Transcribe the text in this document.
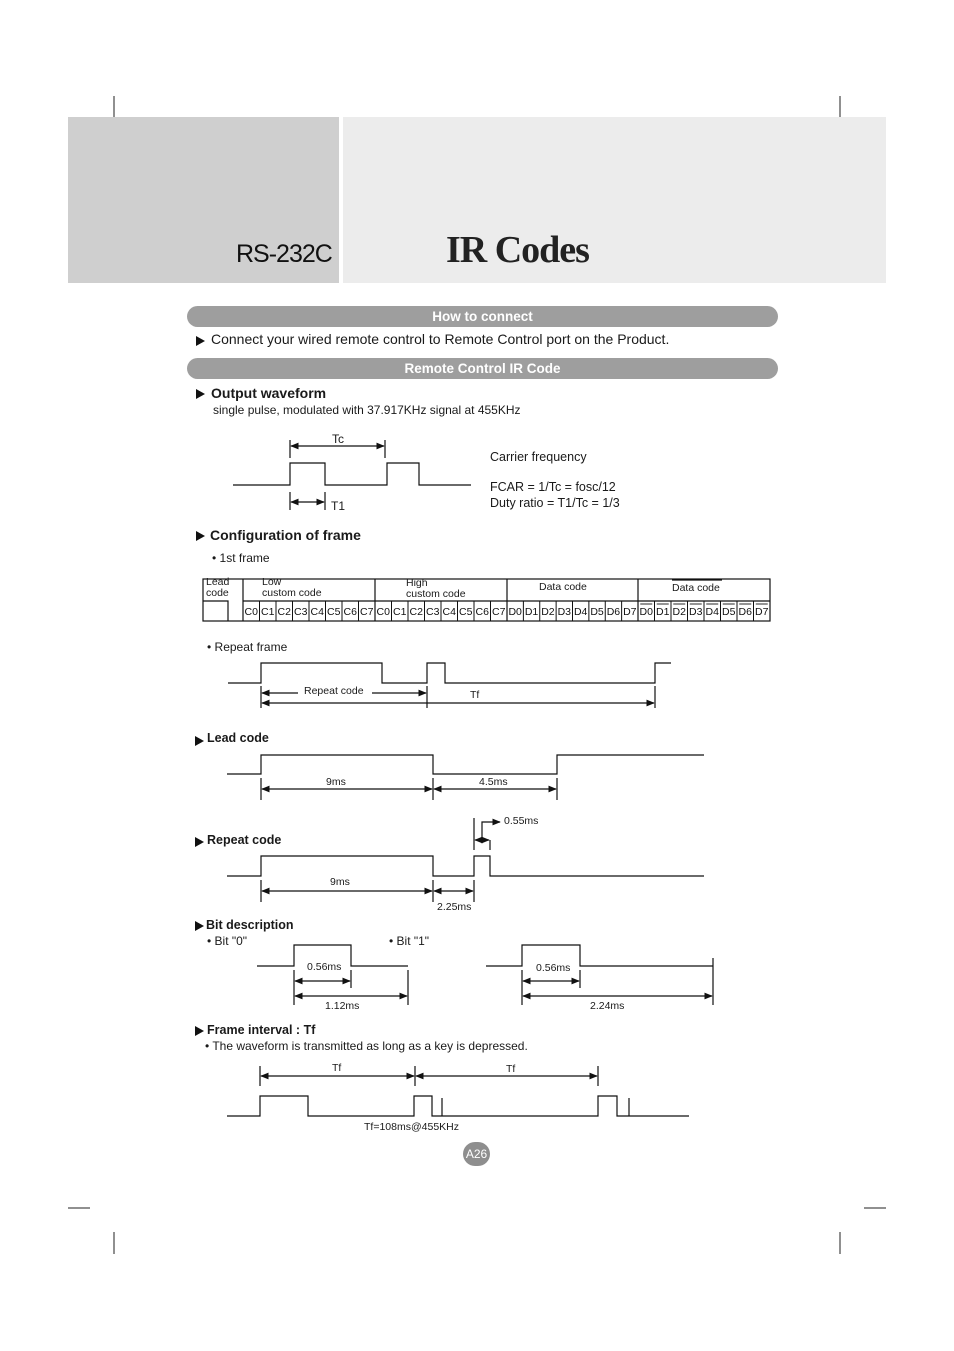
RS-232C	IR Codes
How to connect
Connect your wired remote control to Remote Control port on the Product.
Remote Control IR Code
Output waveform
single pulse, modulated with 37.917KHz signal at 455KHz
Tc
T1
Carrier frequency
FCAR = 1/Tc = fosc/12
Duty ratio = T1/Tc = 1/3
Configuration of frame
• 1st frame
Lead
code
Low
custom code
High
custom code
Data code	Data code
C0 C1 C2 C3 C4 C5 C6 C7 C0 C1 C2 C3 C4 C5 C6 C7 D0 D1 D2 D3 D4 D5 D6 D7 D0 D1 D2 D3 D4 D5 D6 D7
• Repeat frame
Repeat code	Tf
Lead code
9ms	4.5ms
0.55ms
Repeat code
9ms
2.25ms
Bit description
• Bit "0"	• Bit "1"
0.56ms
1.12ms
0.56ms
2.24ms
Frame interval : Tf
• The waveform is transmitted as long as a key is depressed.
Tf	Tf
Tf=108ms@455KHz
A26
